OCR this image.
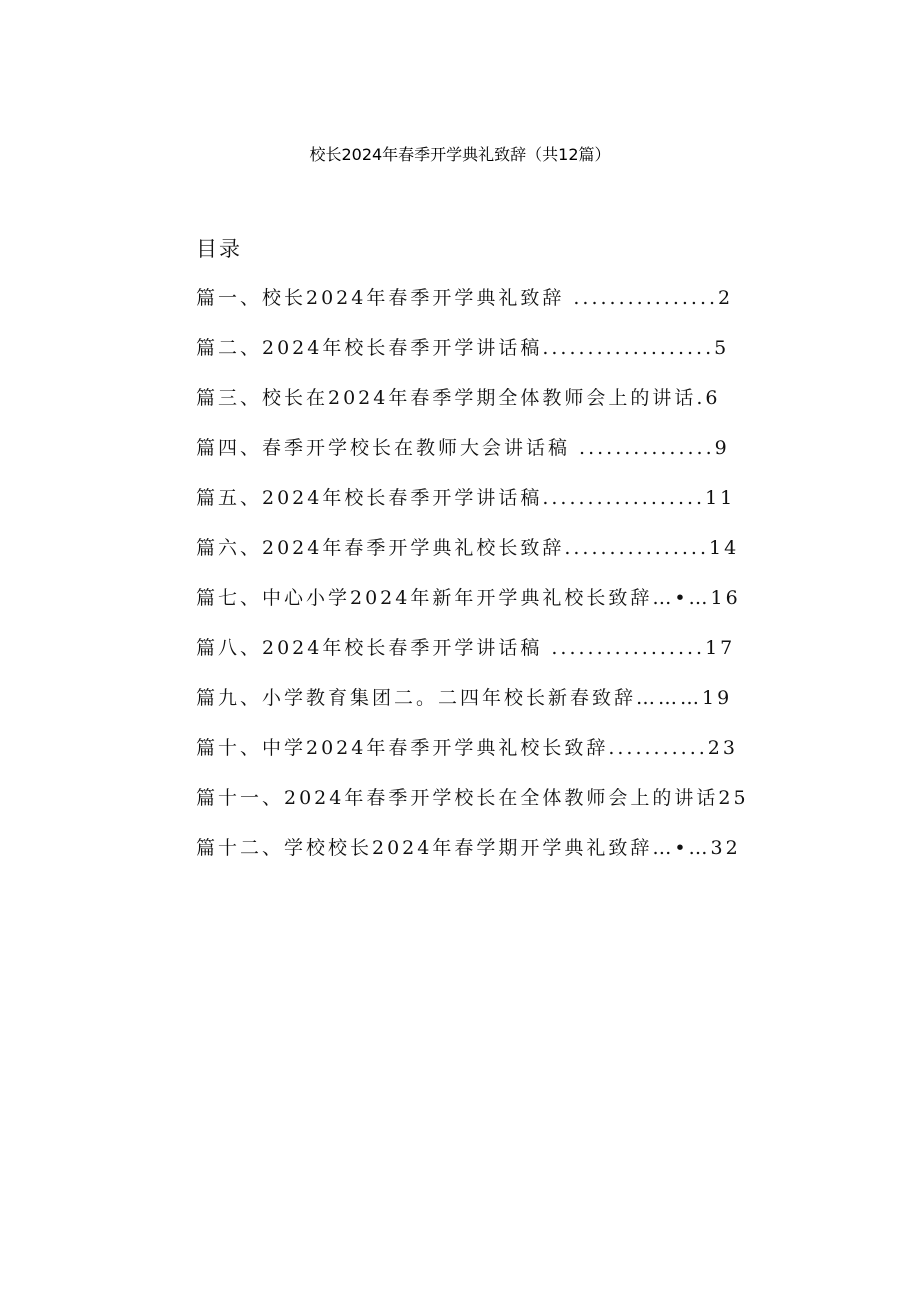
校长2024年春季开学典礼致辞（共12篇）
目录
篇一、校长2024年春季开学典礼致辞 ................2
篇二、2024年校长春季开学讲话稿...................5
篇三、校长在2024年春季学期全体教师会上的讲话.6
篇四、春季开学校长在教师大会讲话稿 ...............9
篇五、2024年校长春季开学讲话稿..................11
篇六、2024年春季开学典礼校长致辞................14
篇七、中心小学2024年新年开学典礼校长致辞…•…16
篇八、2024年校长春季开学讲话稿 .................17
篇九、小学教育集团二。二四年校长新春致辞………19
篇十、中学2024年春季开学典礼校长致辞...........23
篇十一、2024年春季开学校长在全体教师会上的讲话25
篇十二、学校校长2024年春学期开学典礼致辞…•…32
